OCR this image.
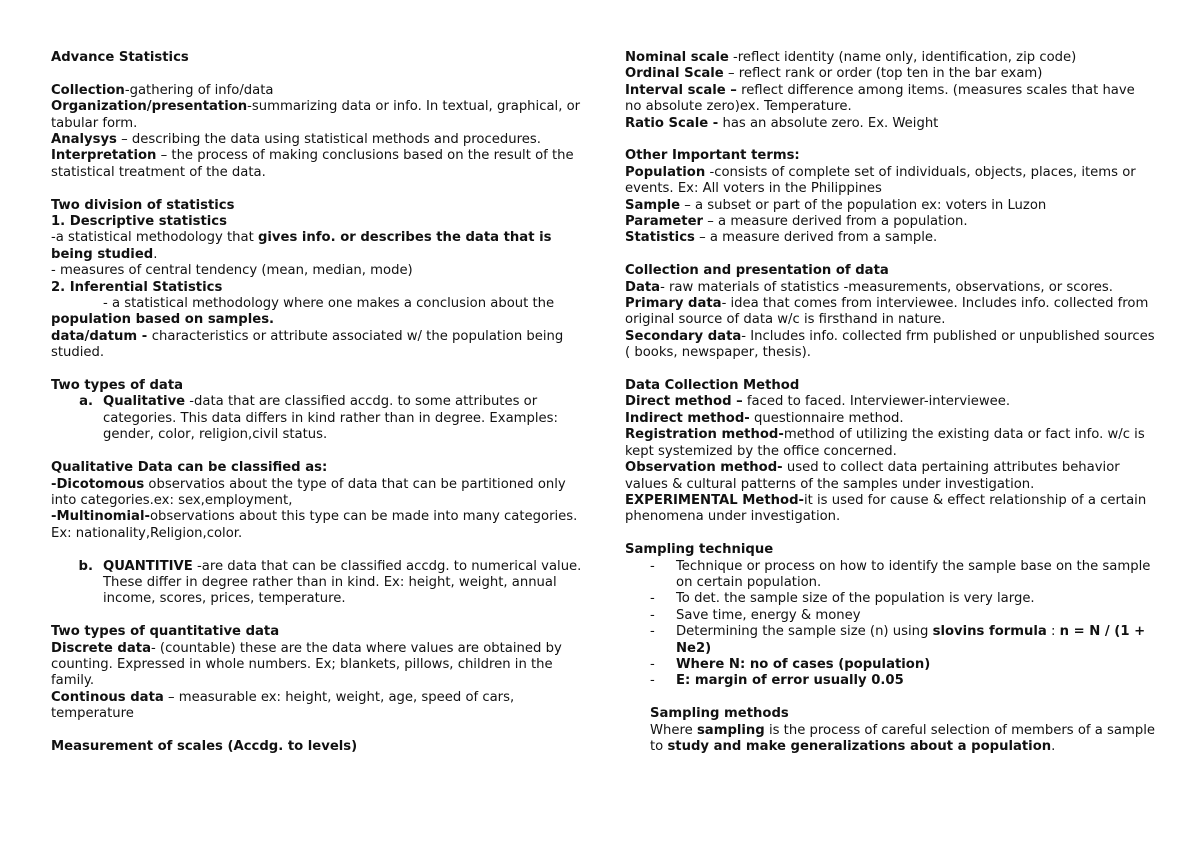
Advance Statistics

Collection-gathering of info/data

Organization/presentation-summarizing data or info. In textual, graphical, or tabular form.

Analysys – describing the data using statistical methods and procedures.

Interpretation – the process of making conclusions based on the result of the statistical treatment of the data.

Two division of statistics

1. Descriptive statistics

-a statistical methodology that gives info. or describes the data that is being studied.

- measures of central tendency (mean, median, mode)

2. Inferential Statistics

- a statistical methodology where one makes a conclusion about the population based on samples.

data/datum - characteristics or attribute associated w/ the population being studied.

Two types of data

a. Qualitative -data that are classified accdg. to some attributes or categories. This data differs in kind rather than in degree. Examples: gender, color, religion,civil status.

Qualitative Data can be classified as:

-Dicotomous observatios about the type of data that can be partitioned only into categories.ex: sex,employment,

-Multinomial-observations about this type can be made into many categories. Ex: nationality,Religion,color.

b. QUANTITIVE -are data that can be classified accdg. to numerical value. These differ in degree rather than in kind. Ex: height, weight, annual income, scores, prices, temperature.

Two types of quantitative data

Discrete data- (countable) these are the data where values are obtained by counting. Expressed in whole numbers. Ex; blankets, pillows, children in the family.

Continous data – measurable ex: height, weight, age, speed of cars, temperature

Measurement of scales (Accdg. to levels)

Nominal scale -reflect identity (name only, identification, zip code)

Ordinal Scale – reflect rank or order (top ten in the bar exam)

Interval scale – reflect difference among items. (measures scales that have no absolute zero)ex. Temperature.

Ratio Scale - has an absolute zero. Ex. Weight

Other Important terms:

Population -consists of complete set of individuals, objects, places, items or events. Ex: All voters in the Philippines

Sample – a subset or part of the population ex: voters in Luzon

Parameter – a measure derived from a population.

Statistics – a measure derived from a sample.

Collection and presentation of data

Data- raw materials of statistics -measurements, observations, or scores.

Primary data- idea that comes from interviewee. Includes info. collected from original source of data w/c is firsthand in nature.

Secondary data- Includes info. collected frm published or unpublished sources ( books, newspaper, thesis).

Data Collection Method

Direct method – faced to faced. Interviewer-interviewee.

Indirect method- questionnaire method.

Registration method-method of utilizing the existing data or fact info. w/c is kept systemized by the office concerned.

Observation method- used to collect data pertaining attributes behavior values & cultural patterns of the samples under investigation.

EXPERIMENTAL Method-it is used for cause & effect relationship of a certain phenomena under investigation.

Sampling technique

-	Technique or process on how to identify the sample base on the sample on certain population.
-	To det. the sample size of the population is very large.
-	Save time, energy & money
-	Determining the sample size (n) using slovins formula : n = N / (1 + Ne2)
-	Where N: no of cases (population)
-	E: margin of error usually 0.05

Sampling methods

Where sampling is the process of careful selection of members of a sample to study and make generalizations about a population.
